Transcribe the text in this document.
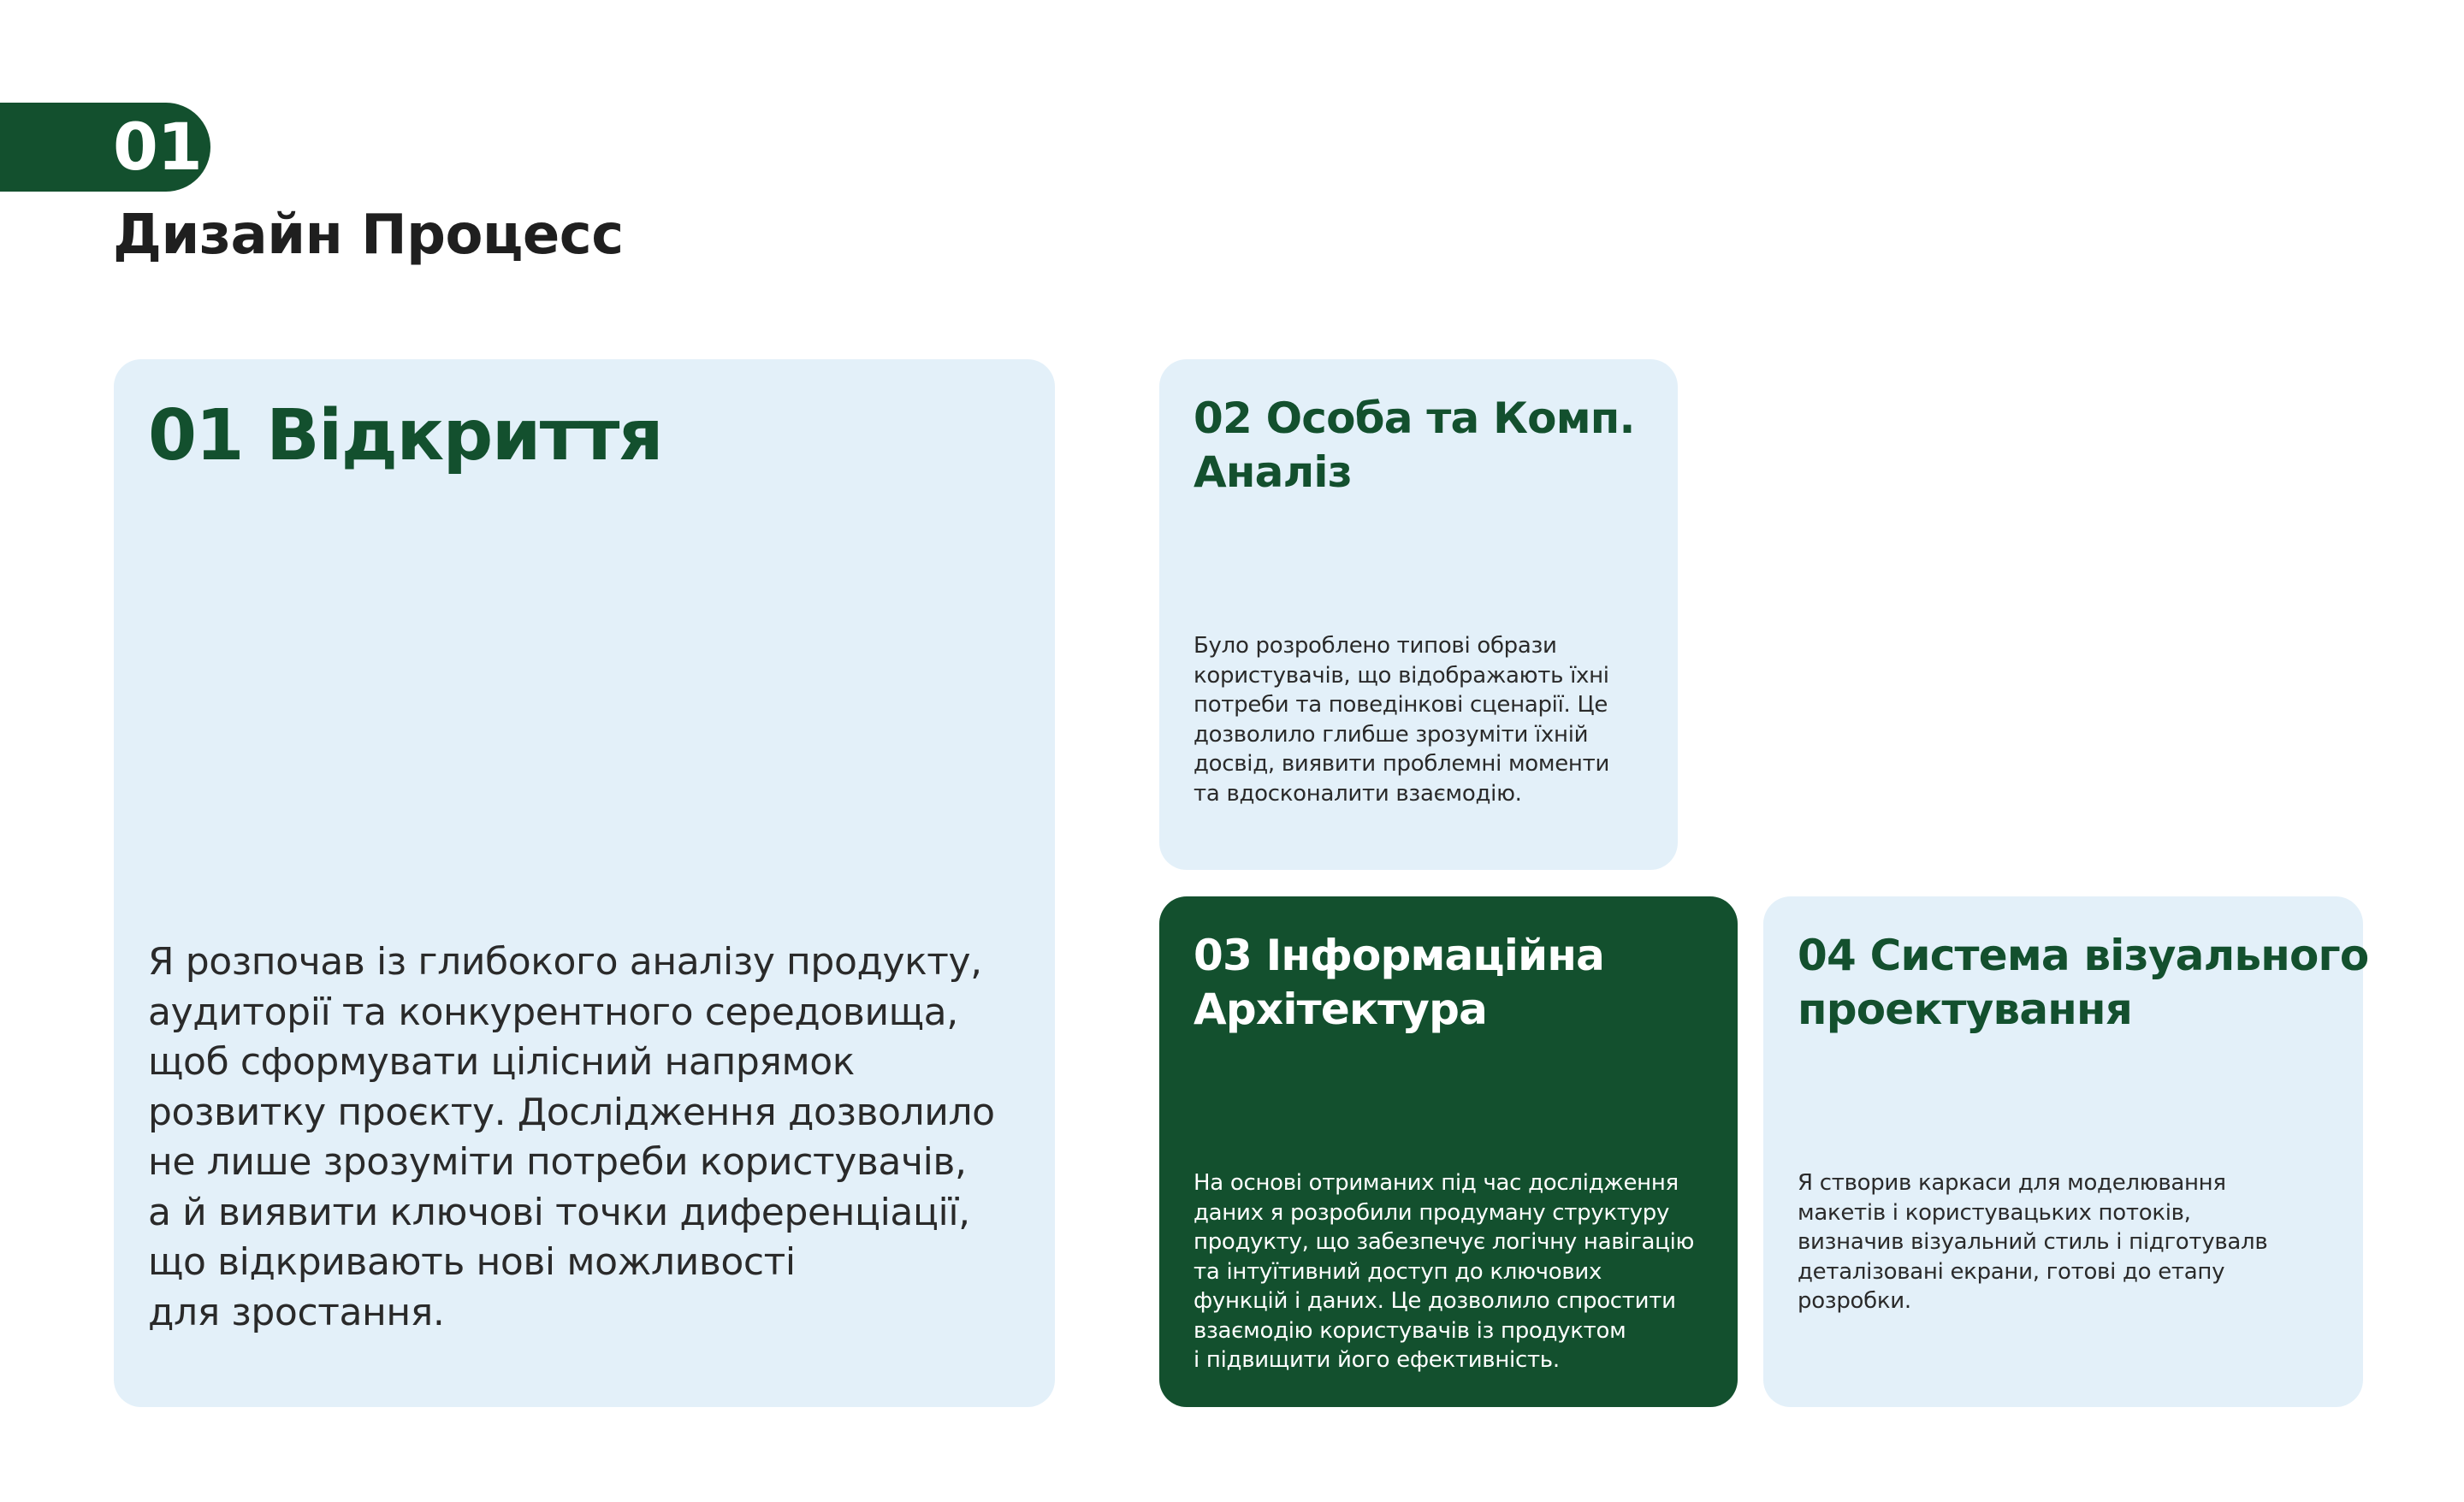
01
Дизайн Процесс
01 Відкриття

Я розпочав із глибокого аналізу продукту,
аудиторії та конкурентного середовища,
щоб сформувати цілісний напрямок
розвитку проєкту. Дослідження дозволило
не лише зрозуміти потреби користувачів,
а й виявити ключові точки диференціації,
що відкривають нові можливості
для зростання.

02 Особа та Комп.
Аналіз

Було розроблено типові образи
користувачів, що відображають їхні
потреби та поведінкові сценарії. Це
дозволило глибше зрозуміти їхній
досвід, виявити проблемні моменти
та вдосконалити взаємодію.

03 Інформаційна
Архітектура

На основі отриманих під час дослідження
даних я розробили продуману структуру
продукту, що забезпечує логічну навігацію
та інтуїтивний доступ до ключових
функцій і даних. Це дозволило спростити
взаємодію користувачів із продуктом
і підвищити його ефективність.

04 Система візуального
проектування

Я створив каркаси для моделювання
макетів і користувацьких потоків,
визначив візуальний стиль і підготувалв
деталізовані екрани, готові до етапу
розробки.
